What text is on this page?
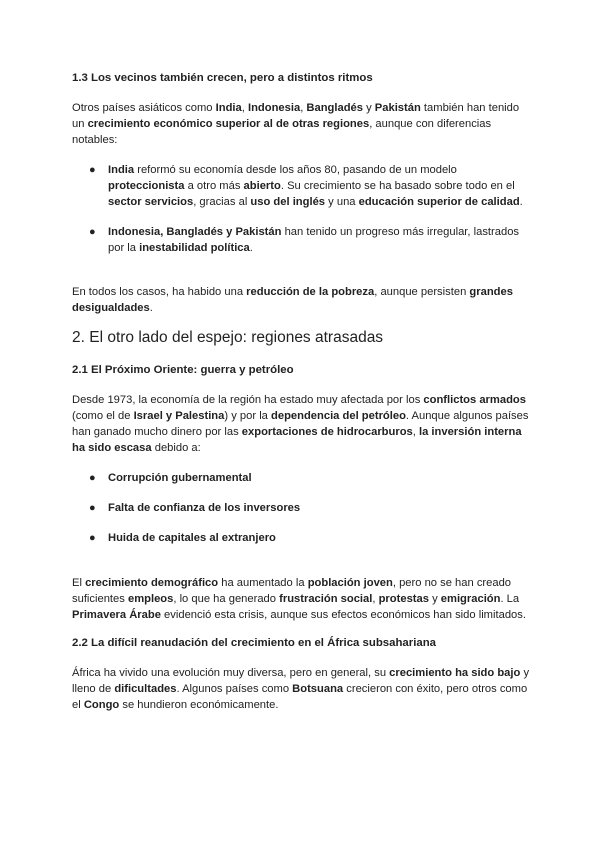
1.3 Los vecinos también crecen, pero a distintos ritmos

Otros países asiáticos como India, Indonesia, Bangladés y Pakistán también han tenido un crecimiento económico superior al de otras regiones, aunque con diferencias notables:

● India reformó su economía desde los años 80, pasando de un modelo proteccionista a otro más abierto. Su crecimiento se ha basado sobre todo en el sector servicios, gracias al uso del inglés y una educación superior de calidad.
● Indonesia, Bangladés y Pakistán han tenido un progreso más irregular, lastrados por la inestabilidad política.

En todos los casos, ha habido una reducción de la pobreza, aunque persisten grandes desigualdades.

2. El otro lado del espejo: regiones atrasadas

2.1 El Próximo Oriente: guerra y petróleo

Desde 1973, la economía de la región ha estado muy afectada por los conflictos armados (como el de Israel y Palestina) y por la dependencia del petróleo. Aunque algunos países han ganado mucho dinero por las exportaciones de hidrocarburos, la inversión interna ha sido escasa debido a:

● Corrupción gubernamental
● Falta de confianza de los inversores
● Huida de capitales al extranjero

El crecimiento demográfico ha aumentado la población joven, pero no se han creado suficientes empleos, lo que ha generado frustración social, protestas y emigración. La Primavera Árabe evidenció esta crisis, aunque sus efectos económicos han sido limitados.

2.2 La difícil reanudación del crecimiento en el África subsahariana

África ha vivido una evolución muy diversa, pero en general, su crecimiento ha sido bajo y lleno de dificultades. Algunos países como Botsuana crecieron con éxito, pero otros como el Congo se hundieron económicamente.
